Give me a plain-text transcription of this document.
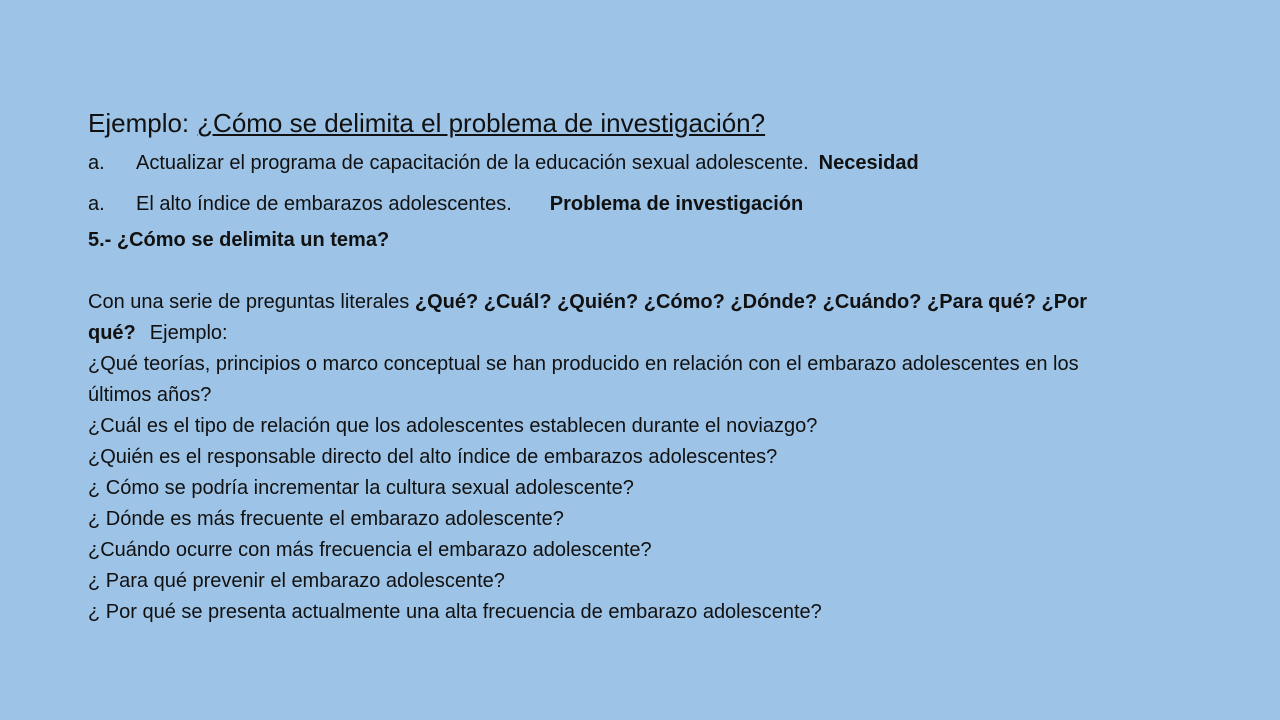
Ejemplo: ¿Cómo se delimita el problema de investigación?
a. Actualizar el programa de capacitación de la educación sexual adolescente. Necesidad
a. El alto índice de embarazos adolescentes. Problema de investigación
5.- ¿Cómo se delimita un tema?

Con una serie de preguntas literales ¿Qué? ¿Cuál? ¿Quién? ¿Cómo? ¿Dónde? ¿Cuándo? ¿Para qué? ¿Por qué? Ejemplo:

¿Qué teorías, principios o marco conceptual se han producido en relación con el embarazo adolescentes en los últimos años?

¿Cuál es el tipo de relación que los adolescentes establecen durante el noviazgo?

¿Quién es el responsable directo del alto índice de embarazos adolescentes?

¿ Cómo se podría incrementar la cultura sexual adolescente?

¿ Dónde es más frecuente el embarazo adolescente?

¿Cuándo ocurre con más frecuencia el embarazo adolescente?

¿ Para qué prevenir el embarazo adolescente?

¿ Por qué se presenta actualmente una alta frecuencia de embarazo adolescente?
